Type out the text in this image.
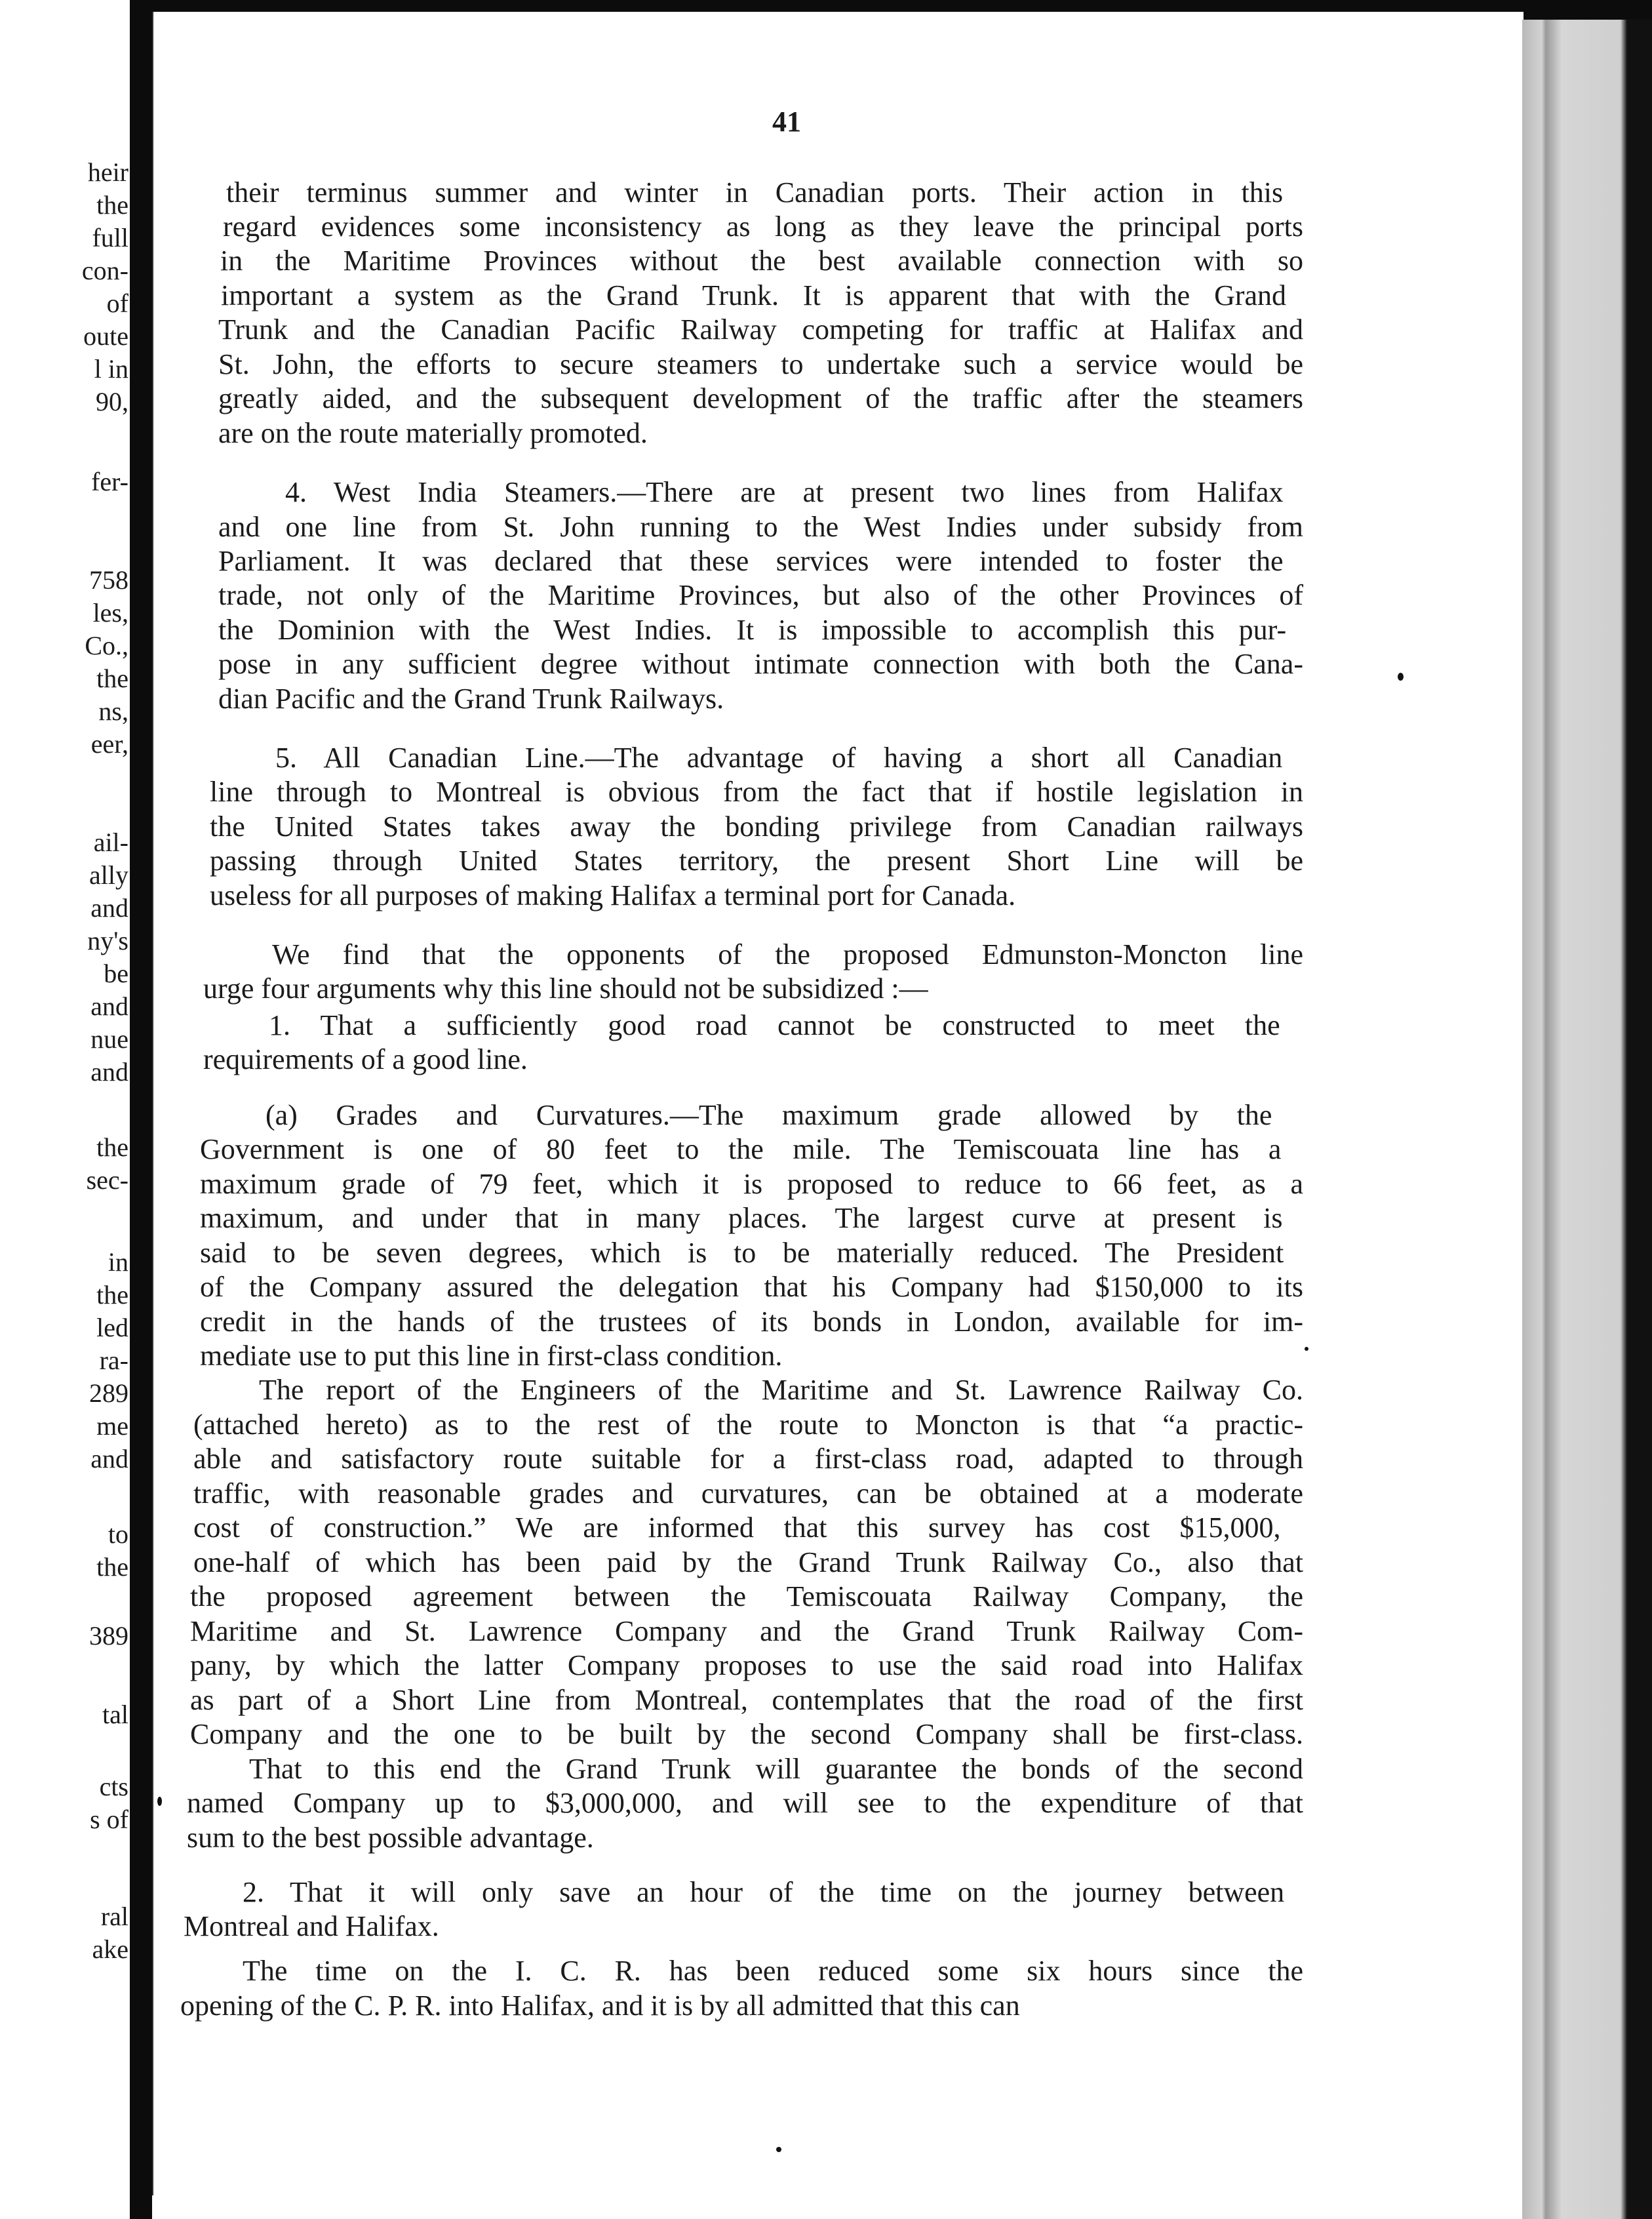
heir
the
full
con-
of
oute
l in
90,
fer-
758
les,
Co.,
the
ns,
eer,
ail-
ally
and
ny's
be
and
nue
and
the
sec-
in
the
led
ra-
289
me
and
to
the
389
tal
cts
s of
ral
ake
41
their terminus summer and winter in Canadian ports. Their action in this
regard evidences some inconsistency as long as they leave the principal ports
in the Maritime Provinces without the best available connection with so
important a system as the Grand Trunk. It is apparent that with the Grand
Trunk and the Canadian Pacific Railway competing for traffic at Halifax and
St. John, the efforts to secure steamers to undertake such a service would be
greatly aided, and the subsequent development of the traffic after the steamers
are on the route materially promoted.
4. West India Steamers.—There are at present two lines from Halifax
and one line from St. John running to the West Indies under subsidy from
Parliament. It was declared that these services were intended to foster the
trade, not only of the Maritime Provinces, but also of the other Provinces of
the Dominion with the West Indies. It is impossible to accomplish this pur-
pose in any sufficient degree without intimate connection with both the Cana-
dian Pacific and the Grand Trunk Railways.
5. All Canadian Line.—The advantage of having a short all Canadian
line through to Montreal is obvious from the fact that if hostile legislation in
the United States takes away the bonding privilege from Canadian railways
passing through United States territory, the present Short Line will be
useless for all purposes of making Halifax a terminal port for Canada.
We find that the opponents of the proposed Edmunston-Moncton line
urge four arguments why this line should not be subsidized :—
1. That a sufficiently good road cannot be constructed to meet the
requirements of a good line.
(a) Grades and Curvatures.—The maximum grade allowed by the
Government is one of 80 feet to the mile. The Temiscouata line has a
maximum grade of 79 feet, which it is proposed to reduce to 66 feet, as a
maximum, and under that in many places. The largest curve at present is
said to be seven degrees, which is to be materially reduced. The President
of the Company assured the delegation that his Company had $150,000 to its
credit in the hands of the trustees of its bonds in London, available for im-
mediate use to put this line in first-class condition.
The report of the Engineers of the Maritime and St. Lawrence Railway Co.
(attached hereto) as to the rest of the route to Moncton is that “a practic-
able and satisfactory route suitable for a first-class road, adapted to through
traffic, with reasonable grades and curvatures, can be obtained at a moderate
cost of construction.” We are informed that this survey has cost $15,000,
one-half of which has been paid by the Grand Trunk Railway Co., also that
the proposed agreement between the Temiscouata Railway Company, the
Maritime and St. Lawrence Company and the Grand Trunk Railway Com-
pany, by which the latter Company proposes to use the said road into Halifax
as part of a Short Line from Montreal, contemplates that the road of the first
Company and the one to be built by the second Company shall be first-class.
That to this end the Grand Trunk will guarantee the bonds of the second
named Company up to $3,000,000, and will see to the expenditure of that
sum to the best possible advantage.
2. That it will only save an hour of the time on the journey between
Montreal and Halifax.
The time on the I. C. R. has been reduced some six hours since the
opening of the C. P. R. into Halifax, and it is by all admitted that this can
